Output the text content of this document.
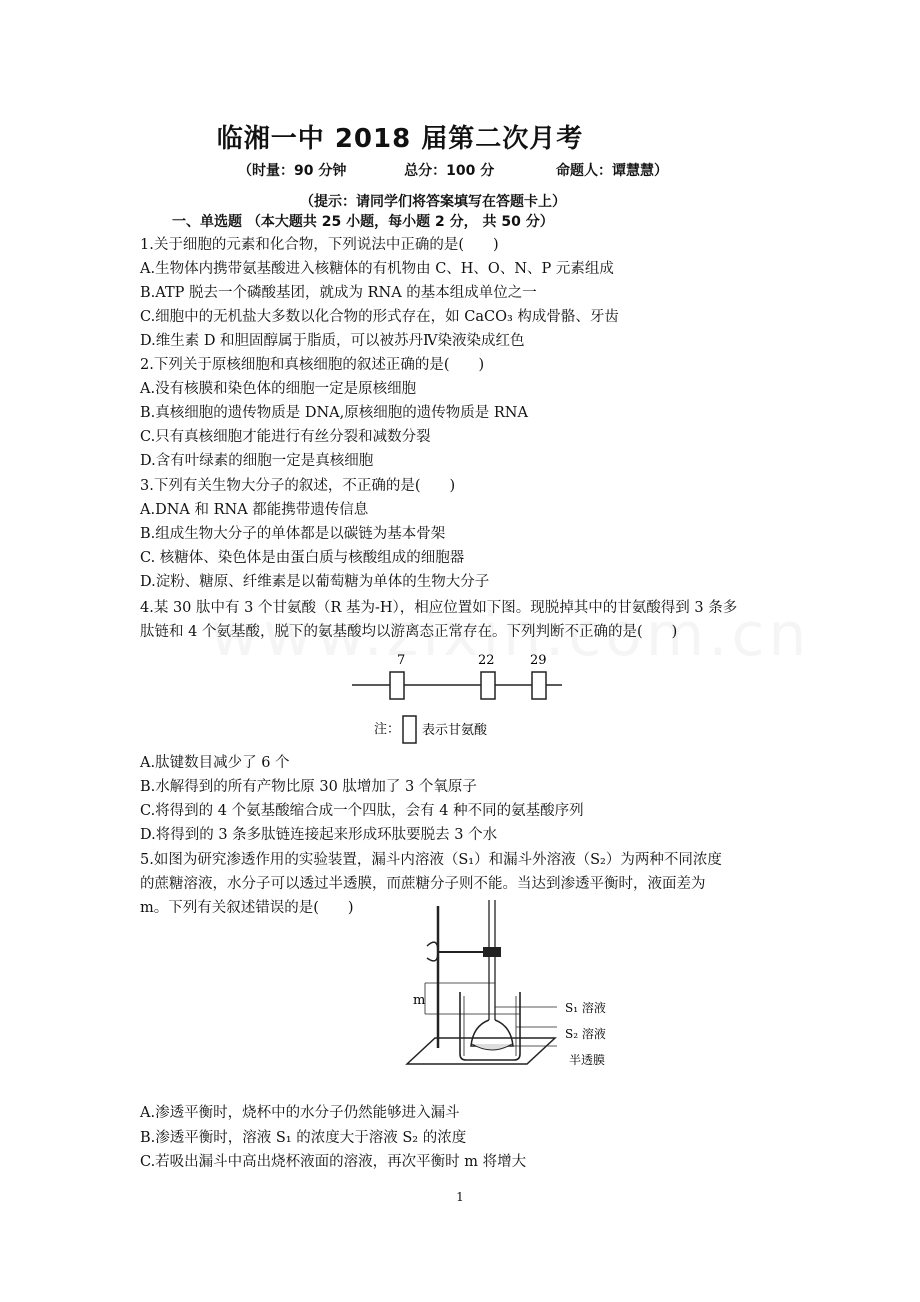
临湘一中 2018 届第二次月考
（时量：90 分钟	总分：100 分	命题人：谭慧慧）
（提示：请同学们将答案填写在答题卡上）
一、单选题 （本大题共 25 小题，每小题 2 分， 共 50 分）
1.关于细胞的元素和化合物，下列说法中正确的是(　　)
A.生物体内携带氨基酸进入核糖体的有机物由 C、H、O、N、P 元素组成
B.ATP 脱去一个磷酸基团，就成为 RNA 的基本组成单位之一
C.细胞中的无机盐大多数以化合物的形式存在，如 CaCO₃ 构成骨骼、牙齿
D.维生素 D 和胆固醇属于脂质，可以被苏丹Ⅳ染液染成红色
2.下列关于原核细胞和真核细胞的叙述正确的是(　　)
A.没有核膜和染色体的细胞一定是原核细胞
B.真核细胞的遗传物质是 DNA,原核细胞的遗传物质是 RNA
C.只有真核细胞才能进行有丝分裂和减数分裂
D.含有叶绿素的细胞一定是真核细胞
3.下列有关生物大分子的叙述，不正确的是(　　)
A.DNA 和 RNA 都能携带遗传信息
B.组成生物大分子的单体都是以碳链为基本骨架
C. 核糖体、染色体是由蛋白质与核酸组成的细胞器
D.淀粉、糖原、纤维素是以葡萄糖为单体的生物大分子
4.某 30 肽中有 3 个甘氨酸（R 基为-H），相应位置如下图。现脱掉其中的甘氨酸得到 3 条多
肽链和 4 个氨基酸，脱下的氨基酸均以游离态正常存在。下列判断不正确的是(　　)
7	22	29
注： 表示甘氨酸
A.肽键数目减少了 6 个
B.水解得到的所有产物比原 30 肽增加了 3 个氧原子
C.将得到的 4 个氨基酸缩合成一个四肽，会有 4 种不同的氨基酸序列
D.将得到的 3 条多肽链连接起来形成环肽要脱去 3 个水
5.如图为研究渗透作用的实验装置，漏斗内溶液（S₁）和漏斗外溶液（S₂）为两种不同浓度
的蔗糖溶液，水分子可以透过半透膜，而蔗糖分子则不能。当达到渗透平衡时，液面差为
m。下列有关叙述错误的是(　　)
m	S₁ 溶液
S₂ 溶液
半透膜
A.渗透平衡时，烧杯中的水分子仍然能够进入漏斗
B.渗透平衡时，溶液 S₁ 的浓度大于溶液 S₂ 的浓度
C.若吸出漏斗中高出烧杯液面的溶液，再次平衡时 m 将增大
1
